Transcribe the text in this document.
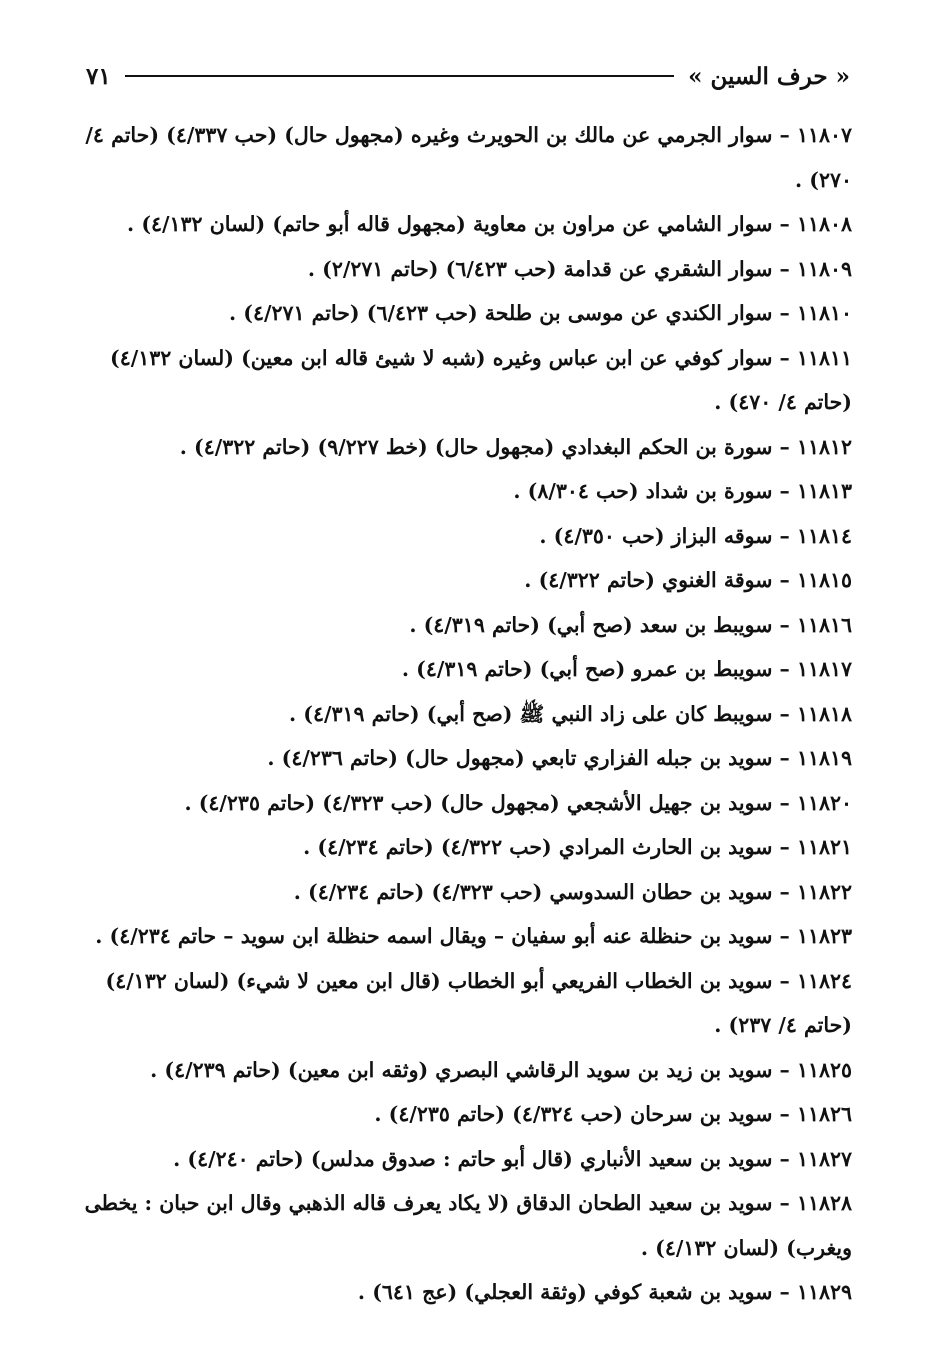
« حرف السين »
٧١

١١٨٠٧ – سوار الجرمي عن مالك بن الحويرث وغيره (مجهول حال) (حب ٤/٣٣٧) (حاتم ٤/ ٢٧٠) .

١١٨٠٨ – سوار الشامي عن مراون بن معاوية (مجهول قاله أبو حاتم) (لسان ٤/١٣٢) .

١١٨٠٩ – سوار الشقري عن قدامة (حب ٦/٤٢٣) (حاتم ٢/٢٧١) .

١١٨١٠ – سوار الكندي عن موسى بن طلحة (حب ٦/٤٢٣) (حاتم ٤/٢٧١) .

١١٨١١ – سوار كوفي عن ابن عباس وغيره (شبه لا شيئ قاله ابن معين) (لسان ٤/١٣٢) (حاتم ٤/ ٤٧٠) .

١١٨١٢ – سورة بن الحكم البغدادي (مجهول حال) (خط ٩/٢٢٧) (حاتم ٤/٣٢٢) .

١١٨١٣ – سورة بن شداد (حب ٨/٣٠٤) .

١١٨١٤ – سوقه البزاز (حب ٤/٣٥٠) .

١١٨١٥ – سوقة الغنوي (حاتم ٤/٣٢٢) .

١١٨١٦ – سويبط بن سعد (صح أبي) (حاتم ٤/٣١٩) .

١١٨١٧ – سويبط بن عمرو (صح أبي) (حاتم ٤/٣١٩) .

١١٨١٨ – سويبط كان على زاد النبي ﷺ (صح أبي) (حاتم ٤/٣١٩) .

١١٨١٩ – سويد بن جبله الفزاري تابعي (مجهول حال) (حاتم ٤/٢٣٦) .

١١٨٢٠ – سويد بن جهيل الأشجعي (مجهول حال) (حب ٤/٣٢٣) (حاتم ٤/٢٣٥) .

١١٨٢١ – سويد بن الحارث المرادي (حب ٤/٣٢٢) (حاتم ٤/٢٣٤) .

١١٨٢٢ – سويد بن حطان السدوسي (حب ٤/٣٢٣) (حاتم ٤/٢٣٤) .

١١٨٢٣ – سويد بن حنظلة عنه أبو سفيان – ويقال اسمه حنظلة ابن سويد – حاتم ٤/٢٣٤) .

١١٨٢٤ – سويد بن الخطاب الفريعي أبو الخطاب (قال ابن معين لا شيء) (لسان ٤/١٣٢) (حاتم ٤/ ٢٣٧) .

١١٨٢٥ – سويد بن زيد بن سويد الرقاشي البصري (وثقه ابن معين) (حاتم ٤/٢٣٩) .

١١٨٢٦ – سويد بن سرحان (حب ٤/٣٢٤) (حاتم ٤/٢٣٥) .

١١٨٢٧ – سويد بن سعيد الأنباري (قال أبو حاتم : صدوق مدلس) (حاتم ٤/٢٤٠) .

١١٨٢٨ – سويد بن سعيد الطحان الدقاق (لا يكاد يعرف قاله الذهبي وقال ابن حبان : يخطى ويغرب) (لسان ٤/١٣٢) .

١١٨٢٩ – سويد بن شعبة كوفي (وثقة العجلي) (عج ٦٤١) .
